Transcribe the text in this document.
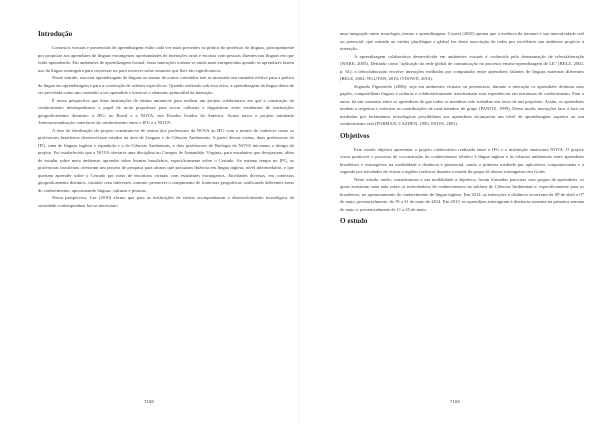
Introdução

Contextos virtuais e presenciais de aprendizagem estão cada vez mais presentes na prática do professor de línguas, principalmente por propiciar aos aprendizes de línguas estrangeiras oportunidades de interações orais e escritas com pessoas fluentes nas línguas em que estão aprendendo. Em ambientes de aprendizagem formal, essas interações tornam-se ainda mais enriquecidas quando os aprendizes fazem uso da língua estrangeira para conversar ou para escrever sobre assuntos que lhes são significativos.

Nesse sentido, associar aprendizagem de línguas ao ensino de outros conteúdos tem se mostrado um caminho efetivo para a prática da língua em aprendizagem e para a construção de saberes específicos. Quando realizado sob essa ótica, a aprendizagem da língua deixa de ser percebida como um conteúdo a ser aprendido e torna-se o elemento primordial da interação.

É nessa perspectiva que duas instituições de ensino uniram-se para realizar um projeto colaborativo em que a construção do conhecimento desempenhasse o papel de mola propulsora para trocas culturais e linguísticas entre estudantes de instituições geograficamente distantes: o IFG, no Brasil e a NOVA, nos Estados Unidos da América. Assim nasce o projeto intitulado 'Internacionalização: interfaces do conhecimento entre o IFG e a NOVA'.

A fase de idealização do projeto constituiu-se de visitas dos professores da NOVA ao IFG com o intuito de conhecer como os professores brasileiros desenvolviam estudos na área de Línguas e de Ciências Ambientais. A partir dessas visitas, duas professoras do IFG, uma de línguas inglesa e espanhola e a de Ciências Ambientais, e dois professores de Biologia da NOVA iniciaram o design do projeto. Foi estabelecido que a NOVA ofertaria uma disciplina no Campus de Annandale, Virginia, para estudantes que desejassem, além de estudar sobre meio ambiente, aprender sobre biomas brasileiros, especificamente sobre o Cerrado. Ao mesmo tempo no IFG, as professoras brasileiras ofertaram um projeto de pesquisa para alunos que possuíam fluência em língua inglesa, nível intermediário, e que queriam aprender sobre o Cerrado por meio de encontros virtuais com estudantes estrangeiros. Atividades diversas, em contextos geograficamente distintos, contudo com interesses comuns: promover o rompimento de fronteiras geográficas, unificando diferentes áreas do conhecimento, aproximando línguas, culturas e pessoas.

Nessa perspectiva, Lee (2010) afirma que para as instituições de ensino acompanharem o desenvolvimento tecnológico da sociedade contemporânea faz-se necessário

7168

uma integração entre tecnologia, ensino e aprendizagem. Crystal (2001) aponta que a essência da internet é sua interatividade real ou potencial, que somada ao caráter plurilíngue e global faz desta associação de redes por excelência um ambiente propício à interação.

A aprendizagem colaborativa desenvolvida em ambientes virtuais é conhecida pela denominação de telecolaboração (WARE, 2005). Definida como "aplicação da rede global de comunicação no processo ensino-aprendizagem de LE" (BELZ, 2002, p. 61), a telecolaboração envolve interações mediadas por computador entre aprendizes falantes de línguas maternas diferentes (BELZ, 2002; NGUYEN, 2010; O'DOWD, 2010).

Segundo Figueiredo (2006), seja em ambientes virtuais ou presenciais, durante a interação os aprendizes definem seus papéis, compartilham línguas e culturas e colaborativamente transformam suas experiências em estruturas de conhecimento. Para o autor, há um consenso entre os aprendizes de que todos os membros irão trabalhar em favor de um propósito. Assim, os aprendizes tendem a respeitar e valorizar as contribuições de cada membro do grupo (PANITZ, 1999). Desse modo, interações face a face ou mediadas por ferramentas tecnológicas possibilitam aos aprendizes alcançarem um nível de aprendizagem superior ao seu conhecimento real (FORMAN; CAZDEN, 1985; PAIVA, 2001).

Objetivos

Este estudo objetiva apresentar o projeto colaborativo realizado entre o IFG e a instituição americana NOVA. O projeto visou promover o processo de coconstrução do conhecimento relativo à língua inglesa e às ciências ambientais entre aprendizes brasileiros e estrangeiros na modalidade a distância e presencial, sendo a primeira mediada por aplicativos computacionais e a segunda por atividades de visitas a regiões turísticas durante a estada do grupo de alunos estrangeiros em Goiás.

Neste estudo, então, consideramos a sua modalidade a objetivos, foram formadas parcerias com grupos de aprendizes, os quais assistiram uma aula sobre os intercâmbios de conhecimentos na subárea de Ciências Ambientais e, especificamente para os brasileiros, no aprimoramento do conhecimento de língua inglesa. Em 2014, as interações à distância ocorreram de 09 de abril a 07 de maio, presencialmente, de 19 a 31 de maio de 2014. Em 2015, os aprendizes interagiram à distância somente na primeira semana de maio e, presencialmente de 11 a 25 de maio.

O estudo
7169
